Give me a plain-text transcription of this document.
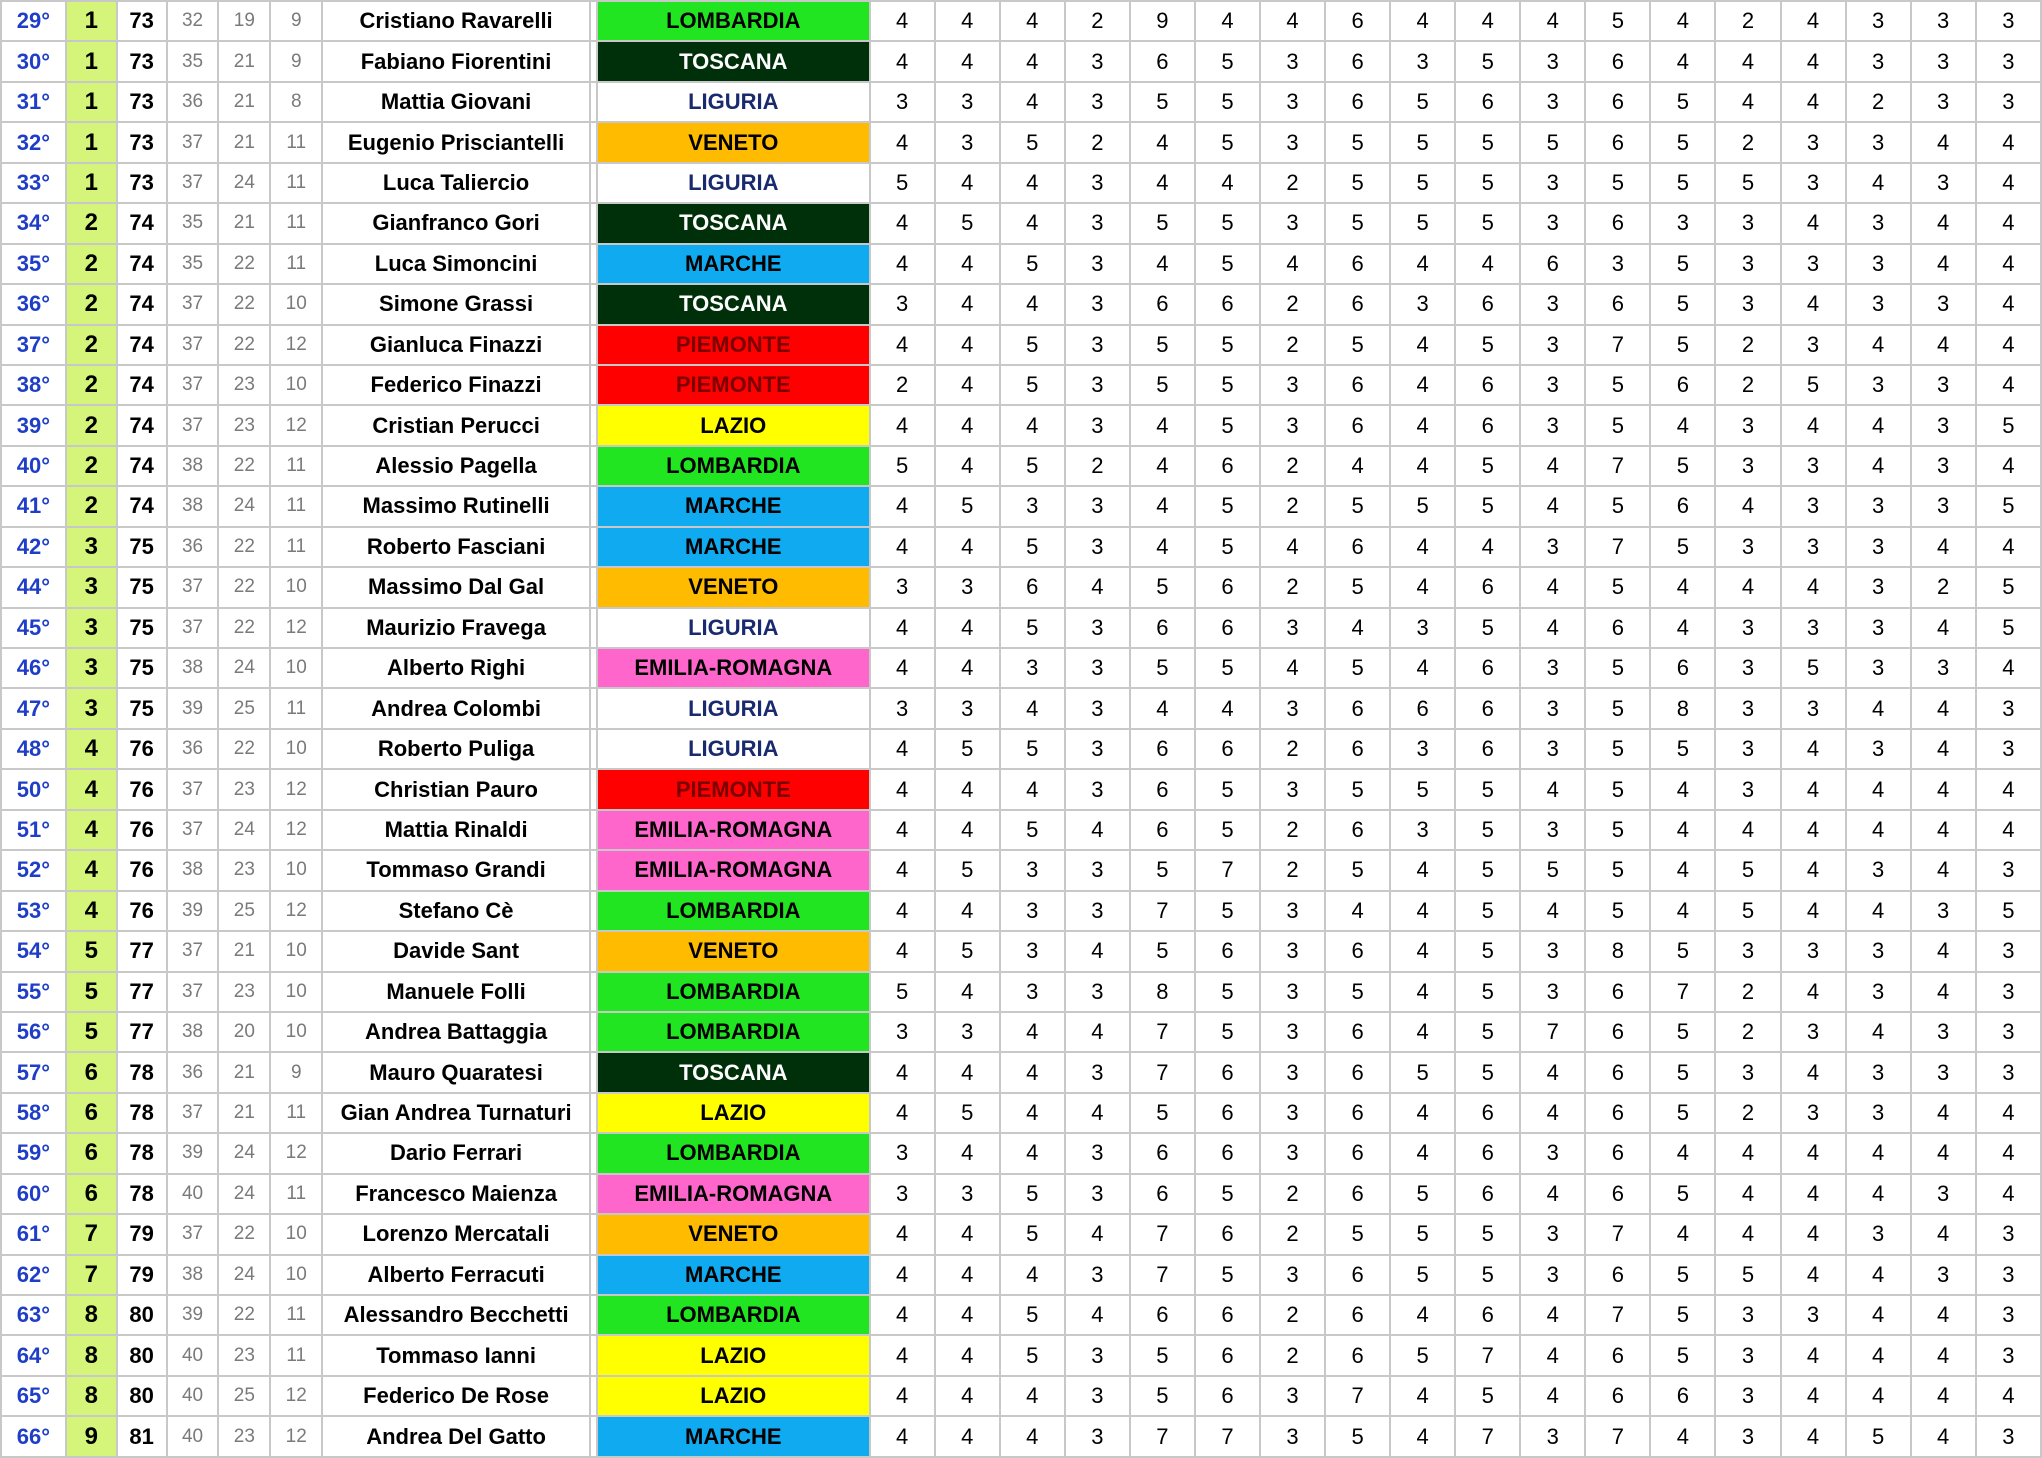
29°	1	73	32	19	9	Cristiano Ravarelli		LOMBARDIA	4	4	4	2	9	4	4	6	4	4	4	5	4	2	4	3	3	3
30°	1	73	35	21	9	Fabiano Fiorentini		TOSCANA	4	4	4	3	6	5	3	6	3	5	3	6	4	4	4	3	3	3
31°	1	73	36	21	8	Mattia Giovani		LIGURIA	3	3	4	3	5	5	3	6	5	6	3	6	5	4	4	2	3	3
32°	1	73	37	21	11	Eugenio Prisciantelli		VENETO	4	3	5	2	4	5	3	5	5	5	5	6	5	2	3	3	4	4
33°	1	73	37	24	11	Luca Taliercio		LIGURIA	5	4	4	3	4	4	2	5	5	5	3	5	5	5	3	4	3	4
34°	2	74	35	21	11	Gianfranco Gori		TOSCANA	4	5	4	3	5	5	3	5	5	5	3	6	3	3	4	3	4	4
35°	2	74	35	22	11	Luca Simoncini		MARCHE	4	4	5	3	4	5	4	6	4	4	6	3	5	3	3	3	4	4
36°	2	74	37	22	10	Simone Grassi		TOSCANA	3	4	4	3	6	6	2	6	3	6	3	6	5	3	4	3	3	4
37°	2	74	37	22	12	Gianluca Finazzi		PIEMONTE	4	4	5	3	5	5	2	5	4	5	3	7	5	2	3	4	4	4
38°	2	74	37	23	10	Federico Finazzi		PIEMONTE	2	4	5	3	5	5	3	6	4	6	3	5	6	2	5	3	3	4
39°	2	74	37	23	12	Cristian Perucci		LAZIO	4	4	4	3	4	5	3	6	4	6	3	5	4	3	4	4	3	5
40°	2	74	38	22	11	Alessio Pagella		LOMBARDIA	5	4	5	2	4	6	2	4	4	5	4	7	5	3	3	4	3	4
41°	2	74	38	24	11	Massimo Rutinelli		MARCHE	4	5	3	3	4	5	2	5	5	5	4	5	6	4	3	3	3	5
42°	3	75	36	22	11	Roberto Fasciani		MARCHE	4	4	5	3	4	5	4	6	4	4	3	7	5	3	3	3	4	4
44°	3	75	37	22	10	Massimo Dal Gal		VENETO	3	3	6	4	5	6	2	5	4	6	4	5	4	4	4	3	2	5
45°	3	75	37	22	12	Maurizio Fravega		LIGURIA	4	4	5	3	6	6	3	4	3	5	4	6	4	3	3	3	4	5
46°	3	75	38	24	10	Alberto Righi		EMILIA-ROMAGNA	4	4	3	3	5	5	4	5	4	6	3	5	6	3	5	3	3	4
47°	3	75	39	25	11	Andrea Colombi		LIGURIA	3	3	4	3	4	4	3	6	6	6	3	5	8	3	3	4	4	3
48°	4	76	36	22	10	Roberto Puliga		LIGURIA	4	5	5	3	6	6	2	6	3	6	3	5	5	3	4	3	4	3
50°	4	76	37	23	12	Christian Pauro		PIEMONTE	4	4	4	3	6	5	3	5	5	5	4	5	4	3	4	4	4	4
51°	4	76	37	24	12	Mattia Rinaldi		EMILIA-ROMAGNA	4	4	5	4	6	5	2	6	3	5	3	5	4	4	4	4	4	4
52°	4	76	38	23	10	Tommaso Grandi		EMILIA-ROMAGNA	4	5	3	3	5	7	2	5	4	5	5	5	4	5	4	3	4	3
53°	4	76	39	25	12	Stefano Cè		LOMBARDIA	4	4	3	3	7	5	3	4	4	5	4	5	4	5	4	4	3	5
54°	5	77	37	21	10	Davide Sant		VENETO	4	5	3	4	5	6	3	6	4	5	3	8	5	3	3	3	4	3
55°	5	77	37	23	10	Manuele Folli		LOMBARDIA	5	4	3	3	8	5	3	5	4	5	3	6	7	2	4	3	4	3
56°	5	77	38	20	10	Andrea Battaggia		LOMBARDIA	3	3	4	4	7	5	3	6	4	5	7	6	5	2	3	4	3	3
57°	6	78	36	21	9	Mauro Quaratesi		TOSCANA	4	4	4	3	7	6	3	6	5	5	4	6	5	3	4	3	3	3
58°	6	78	37	21	11	Gian Andrea Turnaturi		LAZIO	4	5	4	4	5	6	3	6	4	6	4	6	5	2	3	3	4	4
59°	6	78	39	24	12	Dario Ferrari		LOMBARDIA	3	4	4	3	6	6	3	6	4	6	3	6	4	4	4	4	4	4
60°	6	78	40	24	11	Francesco Maienza		EMILIA-ROMAGNA	3	3	5	3	6	5	2	6	5	6	4	6	5	4	4	4	3	4
61°	7	79	37	22	10	Lorenzo Mercatali		VENETO	4	4	5	4	7	6	2	5	5	5	3	7	4	4	4	3	4	3
62°	7	79	38	24	10	Alberto Ferracuti		MARCHE	4	4	4	3	7	5	3	6	5	5	3	6	5	5	4	4	3	3
63°	8	80	39	22	11	Alessandro Becchetti		LOMBARDIA	4	4	5	4	6	6	2	6	4	6	4	7	5	3	3	4	4	3
64°	8	80	40	23	11	Tommaso Ianni		LAZIO	4	4	5	3	5	6	2	6	5	7	4	6	5	3	4	4	4	3
65°	8	80	40	25	12	Federico De Rose		LAZIO	4	4	4	3	5	6	3	7	4	5	4	6	6	3	4	4	4	4
66°	9	81	40	23	12	Andrea Del Gatto		MARCHE	4	4	4	3	7	7	3	5	4	7	3	7	4	3	4	5	4	3
